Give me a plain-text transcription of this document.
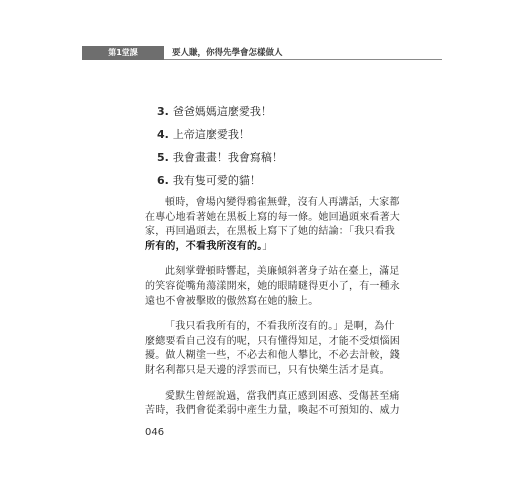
第1堂課	要人賺，你得先學會怎樣做人
3. 爸爸媽媽這麼愛我！
4. 上帝這麼愛我！
5. 我會畫畫！我會寫稿！
6. 我有隻可愛的貓！
頓時，會場內變得鴉雀無聲，沒有人再講話，大家都
在專心地看著她在黑板上寫的每一條。她回過頭來看著大
家，再回過頭去，在黑板上寫下了她的結論：「我只看我
所有的，不看我所沒有的。」
此刻掌聲頓時響起，美廉傾斜著身子站在臺上，滿足
的笑容從嘴角蕩漾開來，她的眼睛瞇得更小了，有一種永
遠也不會被擊敗的傲然寫在她的臉上。
「我只看我所有的，不看我所沒有的。」是啊，為什
麼總要看自己沒有的呢，只有懂得知足，才能不受煩惱困
擾。做人糊塗一些，不必去和他人攀比，不必去計較，錢
財名利都只是天邊的浮雲而已，只有快樂生活才是真。
愛默生曾經說過，當我們真正感到困惑、受傷甚至痛
苦時，我們會從柔弱中產生力量，喚起不可預知的、威力
046
